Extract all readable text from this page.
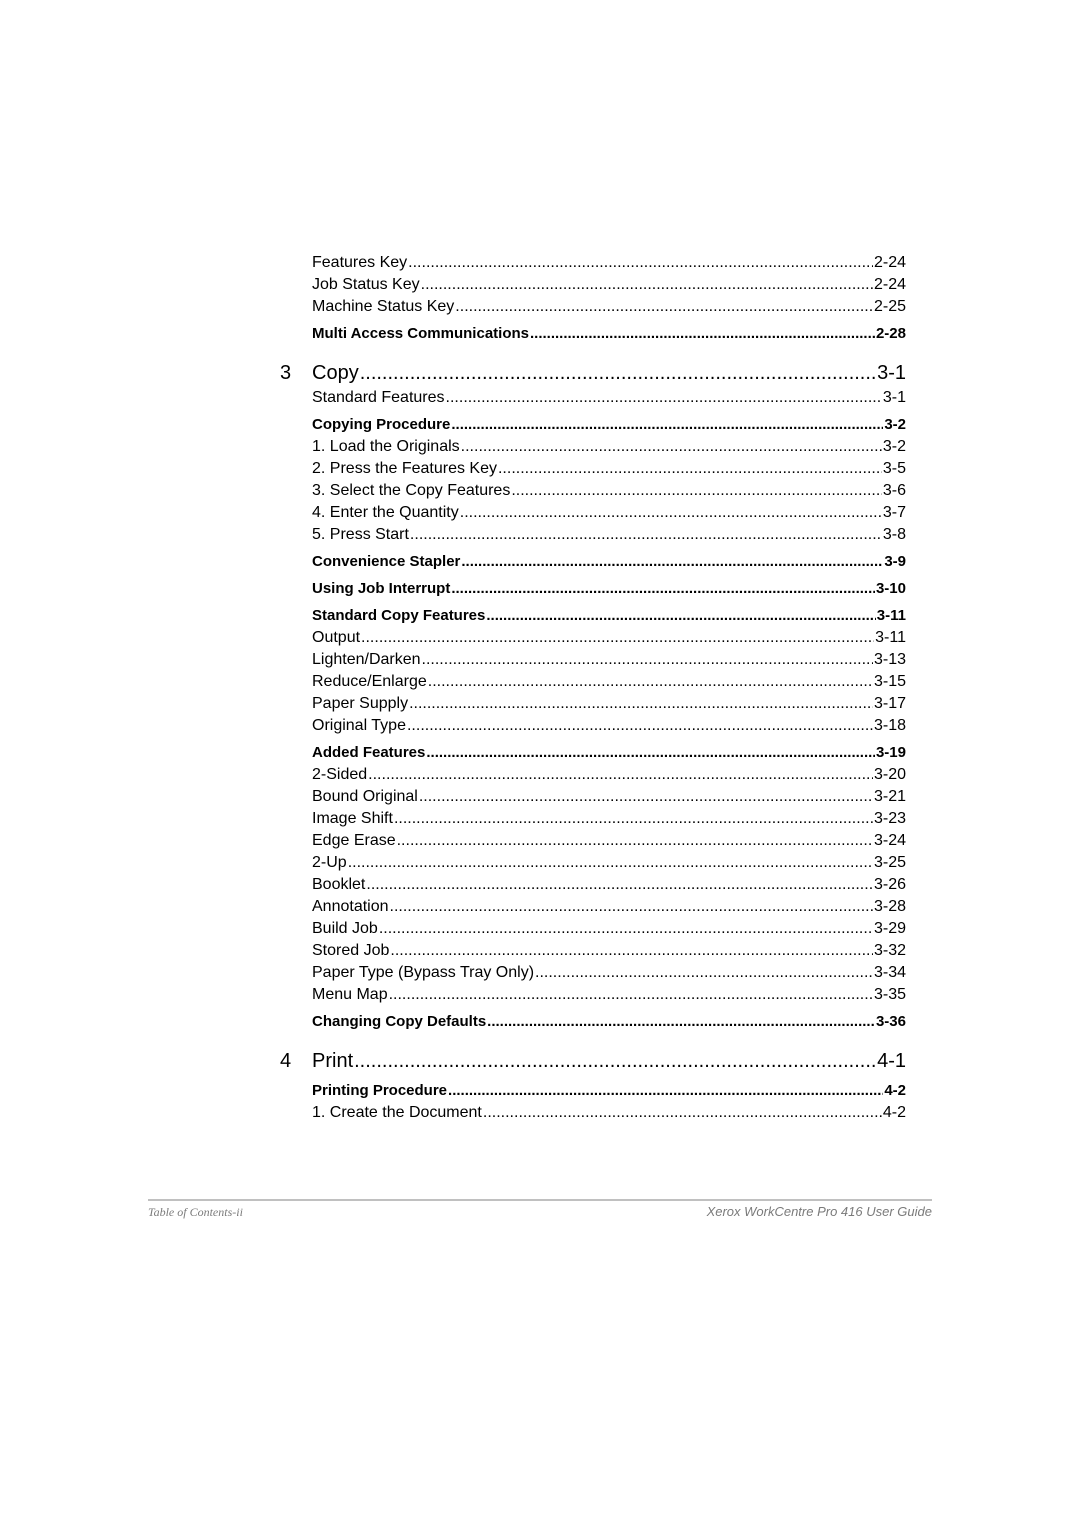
Features Key .....	2-24
Job Status Key .....	2-24
Machine Status Key .....	2-25
Multi Access Communications .....	2-28
3	Copy .....	3-1
Standard Features .....	3-1
Copying Procedure .....	3-2
1. Load the Originals .....	3-2
2. Press the Features Key .....	3-5
3. Select the Copy Features .....	3-6
4. Enter the Quantity .....	3-7
5. Press Start .....	3-8
Convenience Stapler .....	3-9
Using Job Interrupt .....	3-10
Standard Copy Features .....	3-11
Output .....	3-11
Lighten/Darken .....	3-13
Reduce/Enlarge .....	3-15
Paper Supply .....	3-17
Original Type .....	3-18
Added Features .....	3-19
2-Sided .....	3-20
Bound Original .....	3-21
Image Shift .....	3-23
Edge Erase .....	3-24
2-Up .....	3-25
Booklet .....	3-26
Annotation .....	3-28
Build Job .....	3-29
Stored Job .....	3-32
Paper Type (Bypass Tray Only) .....	3-34
Menu Map .....	3-35
Changing Copy Defaults .....	3-36
4	Print .....	4-1
Printing Procedure .....	4-2
1. Create the Document .....	4-2
Table of Contents-ii	Xerox WorkCentre Pro 416 User Guide
